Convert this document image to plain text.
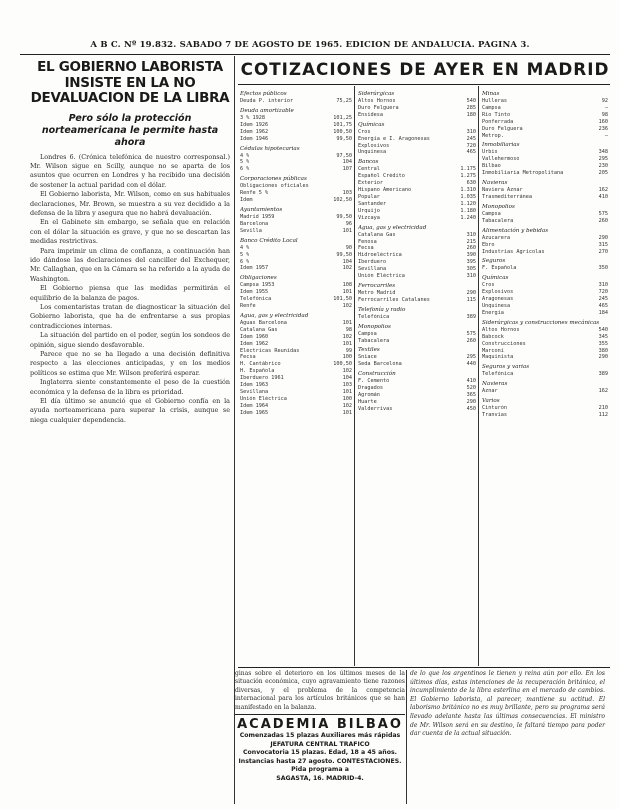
A B C. Nº 19.832. SABADO 7 DE AGOSTO DE 1965. EDICION DE ANDALUCIA. PAGINA 3.
EL GOBIERNO LABORISTA INSISTE EN LA NO DEVALUACION DE LA LIBRA
Pero sólo la protección norteamericana le permite hasta ahora

Londres 6. (Crónica telefónica de nuestro corresponsal.) Mr. Wilson sigue en Scilly, aunque no se aparta de los asuntos que ocurren en Londres y ha recibido una decisión de sostener la actual paridad con el dólar.

El Gobierno laborista, Mr. Wilson, como en sus habituales declaraciones, Mr. Brown, se muestra a su vez decidido a la defensa de la libra y asegura que no habrá devaluación.

En el Gabinete sin embargo, se señala que en relación con el dólar la situación es grave, y que no se descartan las medidas restrictivas.

Para imprimir un clima de confianza, a continuación han ido dándose las declaraciones del canciller del Exchequer, Mr. Callaghan, que en la Cámara se ha referido a la ayuda de Washington.

El Gobierno piensa que las medidas permitirán el equilibrio de la balanza de pagos.

Los comentaristas tratan de diagnosticar la situación del Gobierno laborista, que ha de enfrentarse a sus propias contradicciones internas.

La situación del partido en el poder, según los sondeos de opinión, sigue siendo desfavorable.

Parece que no se ha llegado a una decisión definitiva respecto a las elecciones anticipadas, y en los medios políticos se estima que Mr. Wilson preferirá esperar.

Inglaterra siente constantemente el peso de la cuestión económica y la defensa de la libra es prioridad.

El día último se anunció que el Gobierno confía en la ayuda norteamericana para superar la crisis, aunque se niega cualquier dependencia.

COTIZACIONES DE AYER EN MADRID
Efectos públicos
Deuda P. interior	75,25
Deuda amortizable
3 % 1928	101,25
Idem 1926	101,75
Idem 1962	100,50
Idem 1946	99,50
Cédulas hipotecarias
4 %	97,50
5 %	104
6 %	107
Corporaciones públicas
Obligaciones oficiales
Renfe 5 %	103
Idem	102,50
Ayuntamientos
Madrid 1959	99,50
Barcelona	96
Sevilla	101
Banco Crédito Local
4 %	90
5 %	99,50
6 %	104
Idem 1957	102
Obligaciones
Campsa 1953	108
Idem 1955	101
Telefónica	101,50
Renfe	102
Agua, gas y electricidad
Aguas Barcelona	101
Catalana Gas	98
Idem 1960	102
Idem 1962	101
Eléctricas Reunidas	99
Fecsa	100
H. Cantábrico	100,50
H. Española	102
Iberduero 1961	104
Idem 1963	103
Sevillana	101
Unión Eléctrica	100
Idem 1964	102
Idem 1965	101
Siderúrgicas
Altos Hornos	540
Duro Felguera	285
Ensidesa	180
Químicas
Cros	310
Energía e I. Aragonesas	245
Explosivos	720
Unquinesa	465
Bancos
Central	1.175
Español Crédito	1.275
Exterior	630
Hispano Americano	1.310
Popular	1.035
Santander	1.120
Urquijo	1.180
Vizcaya	1.240
Agua, gas y electricidad
Catalana Gas	310
Fenosa	215
Fecsa	260
Hidroeléctrica	390
Iberduero	395
Sevillana	305
Unión Eléctrica	310
Ferrocarriles
Metro Madrid	290
Ferrocarriles Catalanes	115
Telefonía y radio
Telefónica	389
Monopolios
Campsa	575
Tabacalera	260
Textiles
Sniace	295
Seda Barcelona	440
Construcción
F. Cemento	410
Dragados	520
Agromán	365
Huarte	290
Valderrivas	450
Minas
Hulleras	92
Campsa	—
Río Tinto	98
Ponferrada	160
Duro Felguera	236
Metrop.	—
Inmobiliarias
Urbis	348
Vallehermoso	295
Bilbao	230
Inmobiliaria Metropolitana	205
Navieras
Naviera Aznar	162
Trasmediterránea	410
Monopolios
Campsa	575
Tabacalera	260
Alimentación y bebidas
Azucarera	290
Ebro	315
Industrias Agrícolas	270
Seguros
F. Española	350
Químicas
Cros	310
Explosivos	720
Aragonesas	245
Unquinesa	465
Energía	184
Siderúrgicas y construcciones mecánicas
Altos Hornos	540
Babcock	345
Construcciones	355
Marconi	380
Maquinista	290
Seguros y varias
Telefónica	389
Navieras
Aznar	162
Varios
Cinturón	210
Tranvías	112
ginas sobre el deterioro en los últimos meses de la situación económica, cuyo agravamiento tiene razones diversas, y el problema de la competencia internacional para los artículos británicos que se han manifestado en la balanza.
ACADEMIA BILBAO
Comenzadas 15 plazas Auxiliares más rápidas
JEFATURA CENTRAL TRAFICO
Convocatoria 15 plazas. Edad, 18 a 45 años.
Instancias hasta 27 agosto. CONTESTACIONES. Pida programa a
SAGASTA, 16. MADRID-4.
de lo que los argentinos le tienen y reina aún por ello. En los últimos días, estas intenciones de la recuperación británica, el incumplimiento de la libra esterlina en el mercado de cambios. El Gobierno laborista, al parecer, mantiene su actitud. El laborismo británico no es muy brillante, pero su programa será llevado adelante hasta las últimas consecuencias. El ministro de Mr. Wilson será en su destino, le faltará tiempo para poder dar cuenta de la actual situación.
